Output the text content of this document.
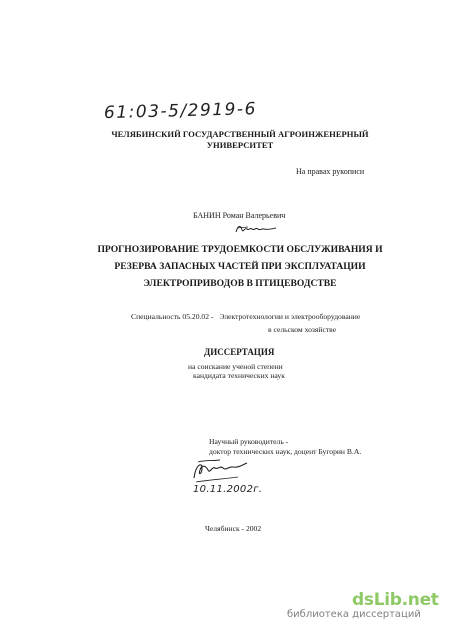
61:03-5/2919-6
ЧЕЛЯБИНСКИЙ ГОСУДАРСТВЕННЫЙ АГРОИНЖЕНЕРНЫЙ УНИВЕРСИТЕТ
На правах рукописи
БАНИН Роман Валерьевич
ПРОГНОЗИРОВАНИЕ ТРУДОЕМКОСТИ ОБСЛУЖИВАНИЯ И РЕЗЕРВА ЗАПАСНЫХ ЧАСТЕЙ ПРИ ЭКСПЛУАТАЦИИ ЭЛЕКТРОПРИВОДОВ В ПТИЦЕВОДСТВЕ
Специальность 05.20.02 - Электротехнологии и электрооборудование
в сельском хозяйстве
ДИССЕРТАЦИЯ
на соискание ученой степени
кандидата технических наук
Научный руководитель -
доктор технических наук, доцент Бугорин В.А.
10.11.2002г.
Челябинск - 2002
dsLib.net
библиотека диссертаций
